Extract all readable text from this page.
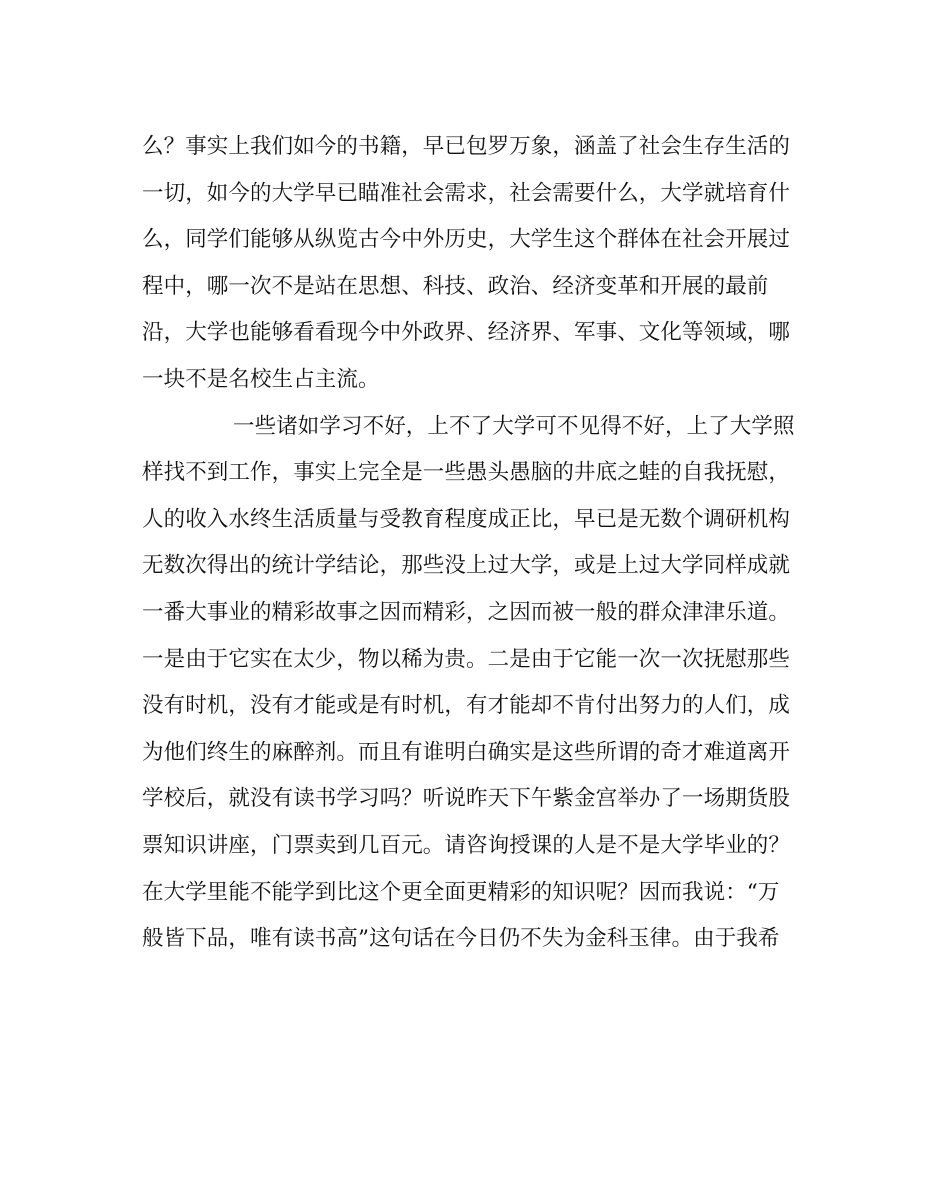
么？事实上我们如今的书籍，早已包罗万象，涵盖了社会生存生活的
一切，如今的大学早已瞄准社会需求，社会需要什么，大学就培育什
么，同学们能够从纵览古今中外历史，大学生这个群体在社会开展过
程中，哪一次不是站在思想、科技、政治、经济变革和开展的最前
沿，大学也能够看看现今中外政界、经济界、军事、文化等领域，哪
一块不是名校生占主流。
一些诸如学习不好，上不了大学可不见得不好，上了大学照
样找不到工作，事实上完全是一些愚头愚脑的井底之蛙的自我抚慰，
人的收入水终生活质量与受教育程度成正比，早已是无数个调研机构
无数次得出的统计学结论，那些没上过大学，或是上过大学同样成就
一番大事业的精彩故事之因而精彩，之因而被一般的群众津津乐道。
一是由于它实在太少，物以稀为贵。二是由于它能一次一次抚慰那些
没有时机，没有才能或是有时机，有才能却不肯付出努力的人们，成
为他们终生的麻醉剂。而且有谁明白确实是这些所谓的奇才难道离开
学校后，就没有读书学习吗？听说昨天下午紫金宫举办了一场期货股
票知识讲座，门票卖到几百元。请咨询授课的人是不是大学毕业的？
在大学里能不能学到比这个更全面更精彩的知识呢？因而我说：“万
般皆下品，唯有读书高”这句话在今日仍不失为金科玉律。由于我希
